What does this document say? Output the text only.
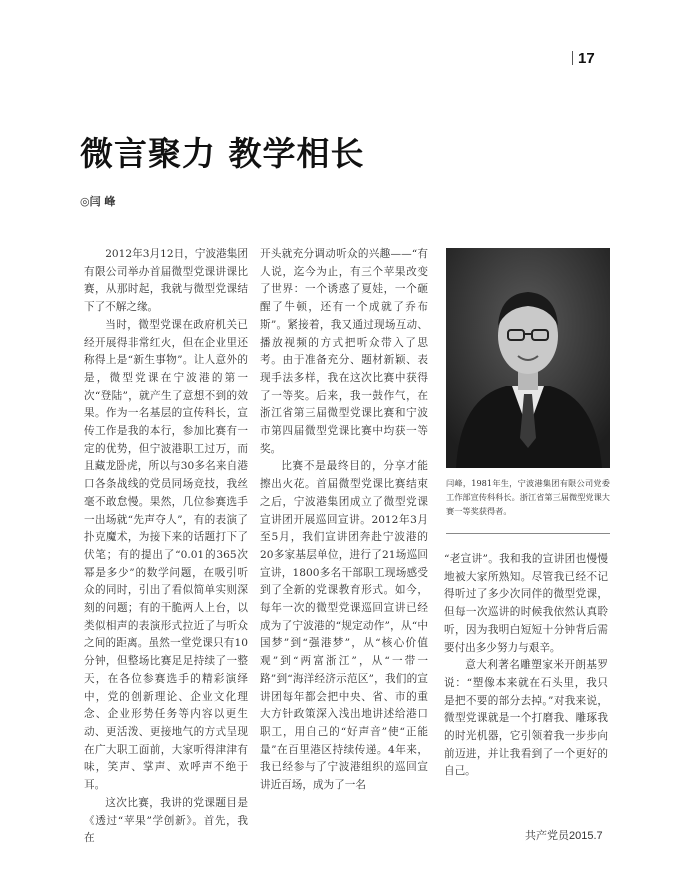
17
微言聚力 教学相长
◎闫 峰

2012年3月12日，宁波港集团有限公司举办首届微型党课讲课比赛，从那时起，我就与微型党课结下了不解之缘。

当时，微型党课在政府机关已经开展得非常红火，但在企业里还称得上是“新生事物”。让人意外的是，微型党课在宁波港的第一次“登陆”，就产生了意想不到的效果。作为一名基层的宣传科长，宣传工作是我的本行，参加比赛有一定的优势，但宁波港职工过万，而且藏龙卧虎，所以与30多名来自港口各条战线的党员同场竞技，我丝毫不敢怠慢。果然，几位参赛选手一出场就“先声夺人”，有的表演了扑克魔术，为接下来的话题打下了伏笔；有的提出了“0.01的365次幂是多少”的数学问题，在吸引听众的同时，引出了看似简单实则深刻的问题；有的干脆两人上台，以类似相声的表演形式拉近了与听众之间的距离。虽然一堂党课只有10分钟，但整场比赛足足持续了一整天，在各位参赛选手的精彩演绎中，党的创新理论、企业文化理念、企业形势任务等内容以更生动、更活泼、更接地气的方式呈现在广大职工面前，大家听得津津有味，笑声、掌声、欢呼声不绝于耳。

这次比赛，我讲的党课题目是《透过“苹果”学创新》。首先，我在

开头就充分调动听众的兴趣——“有人说，迄今为止，有三个苹果改变了世界：一个诱惑了夏娃，一个砸醒了牛顿，还有一个成就了乔布斯”。紧接着，我又通过现场互动、播放视频的方式把听众带入了思考。由于准备充分、题材新颖、表现手法多样，我在这次比赛中获得了一等奖。后来，我一鼓作气，在浙江省第三届微型党课比赛和宁波市第四届微型党课比赛中均获一等奖。

比赛不是最终目的，分享才能擦出火花。首届微型党课比赛结束之后，宁波港集团成立了微型党课宣讲团开展巡回宣讲。2012年3月至5月，我们宣讲团奔赴宁波港的20多家基层单位，进行了21场巡回宣讲，1800多名干部职工现场感受到了全新的党课教育形式。如今，每年一次的微型党课巡回宣讲已经成为了宁波港的“规定动作”，从“中国梦”到“强港梦”，从“核心价值观”到“两富浙江”，从“一带一路”到“海洋经济示范区”，我们的宣讲团每年都会把中央、省、市的重大方针政策深入浅出地讲述给港口职工，用自己的“好声音”使“正能量”在百里港区持续传递。4年来，我已经参与了宁波港组织的巡回宣讲近百场，成为了一名

闫峰，1981年生，宁波港集团有限公司党委工作部宣传科科长。浙江省第三届微型党课大赛一等奖获得者。

“老宣讲”。我和我的宣讲团也慢慢地被大家所熟知。尽管我已经不记得听过了多少次同伴的微型党课，但每一次巡讲的时候我依然认真聆听，因为我明白短短十分钟背后需要付出多少努力与艰辛。

意大利著名雕塑家米开朗基罗说：“塑像本来就在石头里，我只是把不要的部分去掉。”对我来说，微型党课就是一个打磨我、雕琢我的时光机器，它引领着我一步步向前迈进，并让我看到了一个更好的自己。

共产党员2015.7
